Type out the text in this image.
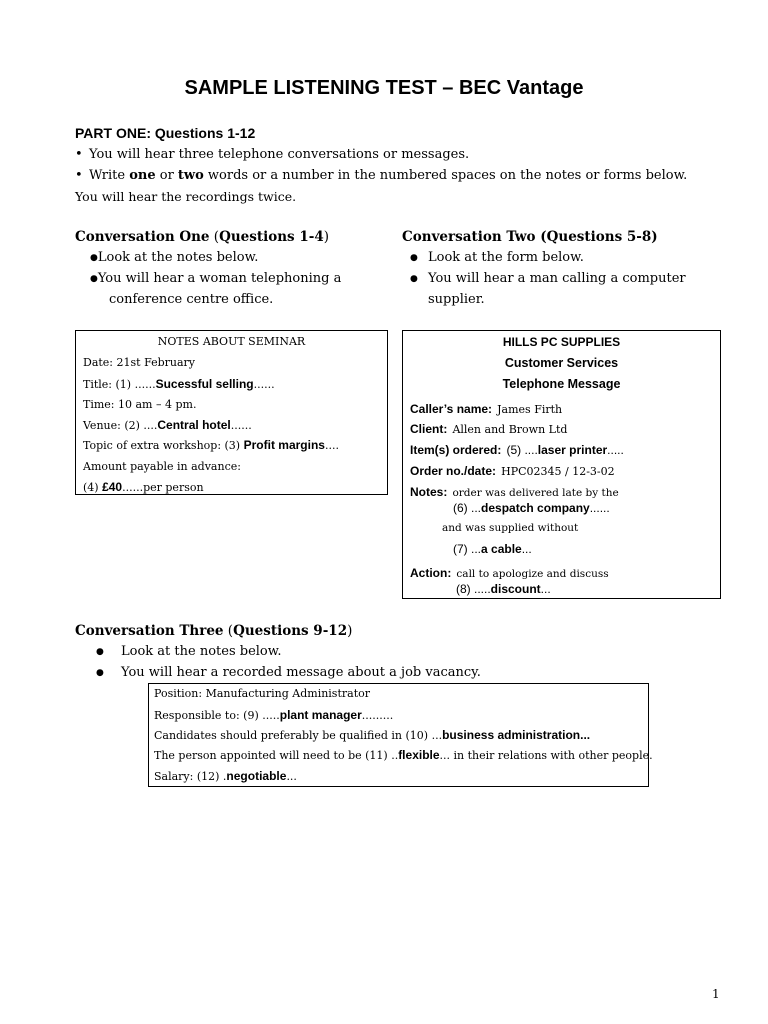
SAMPLE LISTENING TEST – BEC Vantage
PART ONE: Questions 1-12
• You will hear three telephone conversations or messages.
• Write one or two words or a number in the numbered spaces on the notes or forms below.
You will hear the recordings twice.
Conversation One (Questions 1-4)
●Look at the notes below.
●You will hear a woman telephoning a
conference centre office.
NOTES ABOUT SEMINAR
Date: 21st February
Title: (1) ......Sucessful selling......
Time: 10 am – 4 pm.
Venue: (2) ....Central hotel......
Topic of extra workshop: (3) Profit margins....
Amount payable in advance:
(4) £40......per person
Conversation Two (Questions 5-8)
● Look at the form below.
● You will hear a man calling a computer
supplier.
HILLS PC SUPPLIES
Customer Services
Telephone Message
Caller’s name: James Firth
Client: Allen and Brown Ltd
Item(s) ordered: (5) ....laser printer.....
Order no./date: HPC02345 / 12-3-02
Notes: order was delivered late by the
(6) ...despatch company......
and was supplied without
(7) ...a cable...
Action: call to apologize and discuss
(8) .....discount...
Conversation Three (Questions 9-12)
● Look at the notes below.
● You will hear a recorded message about a job vacancy.
Position: Manufacturing Administrator
Responsible to: (9) .....plant manager.........
Candidates should preferably be qualified in (10) ...business administration...
The person appointed will need to be (11) ..flexible... in their relations with other people.
Salary: (12) .negotiable...
1
